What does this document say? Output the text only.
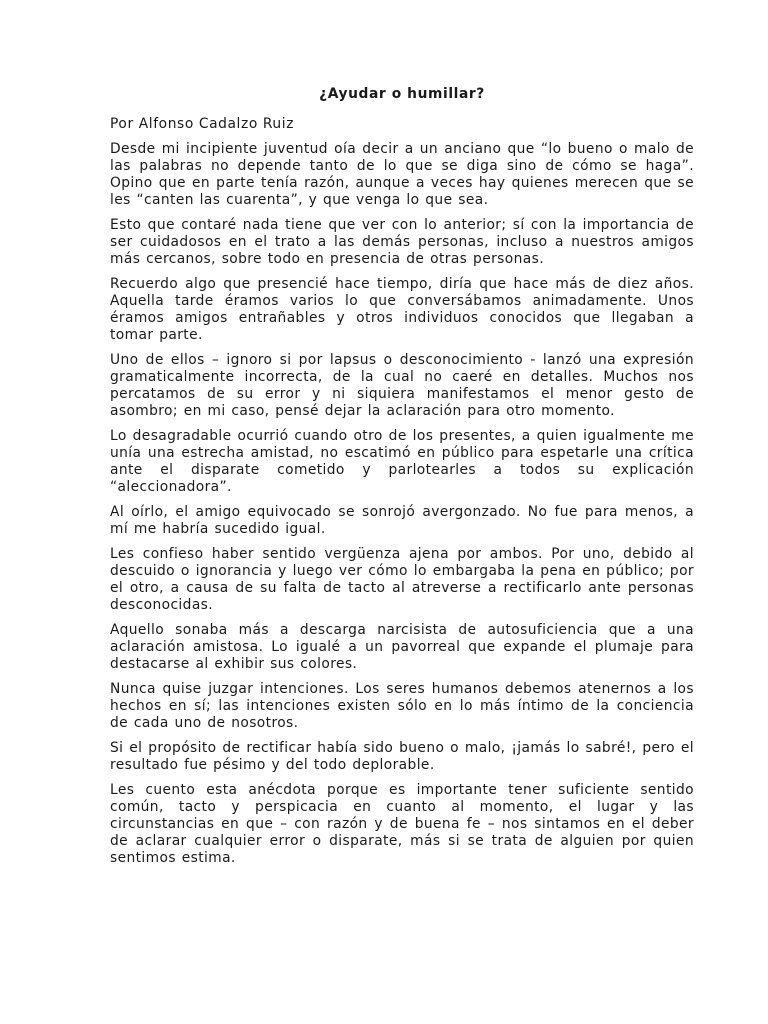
¿Ayudar o humillar?
Por Alfonso Cadalzo Ruiz

Desde mi incipiente juventud oía decir a un anciano que “lo bueno o malo de las palabras no depende tanto de lo que se diga sino de cómo se haga”. Opino que en parte tenía razón, aunque a veces hay quienes merecen que se les “canten las cuarenta”, y que venga lo que sea.

Esto que contaré nada tiene que ver con lo anterior; sí con la importancia de ser cuidadosos en el trato a las demás personas, incluso a nuestros amigos más cercanos, sobre todo en presencia de otras personas.

Recuerdo algo que presencié hace tiempo, diría que hace más de diez años. Aquella tarde éramos varios lo que conversábamos animadamente. Unos éramos amigos entrañables y otros individuos conocidos que llegaban a tomar parte.

Uno de ellos – ignoro si por lapsus o desconocimiento - lanzó una expresión gramaticalmente incorrecta, de la cual no caeré en detalles. Muchos nos percatamos de su error y ni siquiera manifestamos el menor gesto de asombro; en mi caso, pensé dejar la aclaración para otro momento.

Lo desagradable ocurrió cuando otro de los presentes, a quien igualmente me unía una estrecha amistad, no escatimó en público para espetarle una crítica ante el disparate cometido y parlotearles a todos su explicación “aleccionadora”.

Al oírlo, el amigo equivocado se sonrojó avergonzado. No fue para menos, a mí me habría sucedido igual.

Les confieso haber sentido vergüenza ajena por ambos. Por uno, debido al descuido o ignorancia y luego ver cómo lo embargaba la pena en público; por el otro, a causa de su falta de tacto al atreverse a rectificarlo ante personas desconocidas.

Aquello sonaba más a descarga narcisista de autosuficiencia que a una aclaración amistosa. Lo igualé a un pavorreal que expande el plumaje para destacarse al exhibir sus colores.

Nunca quise juzgar intenciones. Los seres humanos debemos atenernos a los hechos en sí; las intenciones existen sólo en lo más íntimo de la conciencia de cada uno de nosotros.

Si el propósito de rectificar había sido bueno o malo, ¡jamás lo sabré!, pero el resultado fue pésimo y del todo deplorable.

Les cuento esta anécdota porque es importante tener suficiente sentido común, tacto y perspicacia en cuanto al momento, el lugar y las circunstancias en que – con razón y de buena fe – nos sintamos en el deber de aclarar cualquier error o disparate, más si se trata de alguien por quien sentimos estima.
